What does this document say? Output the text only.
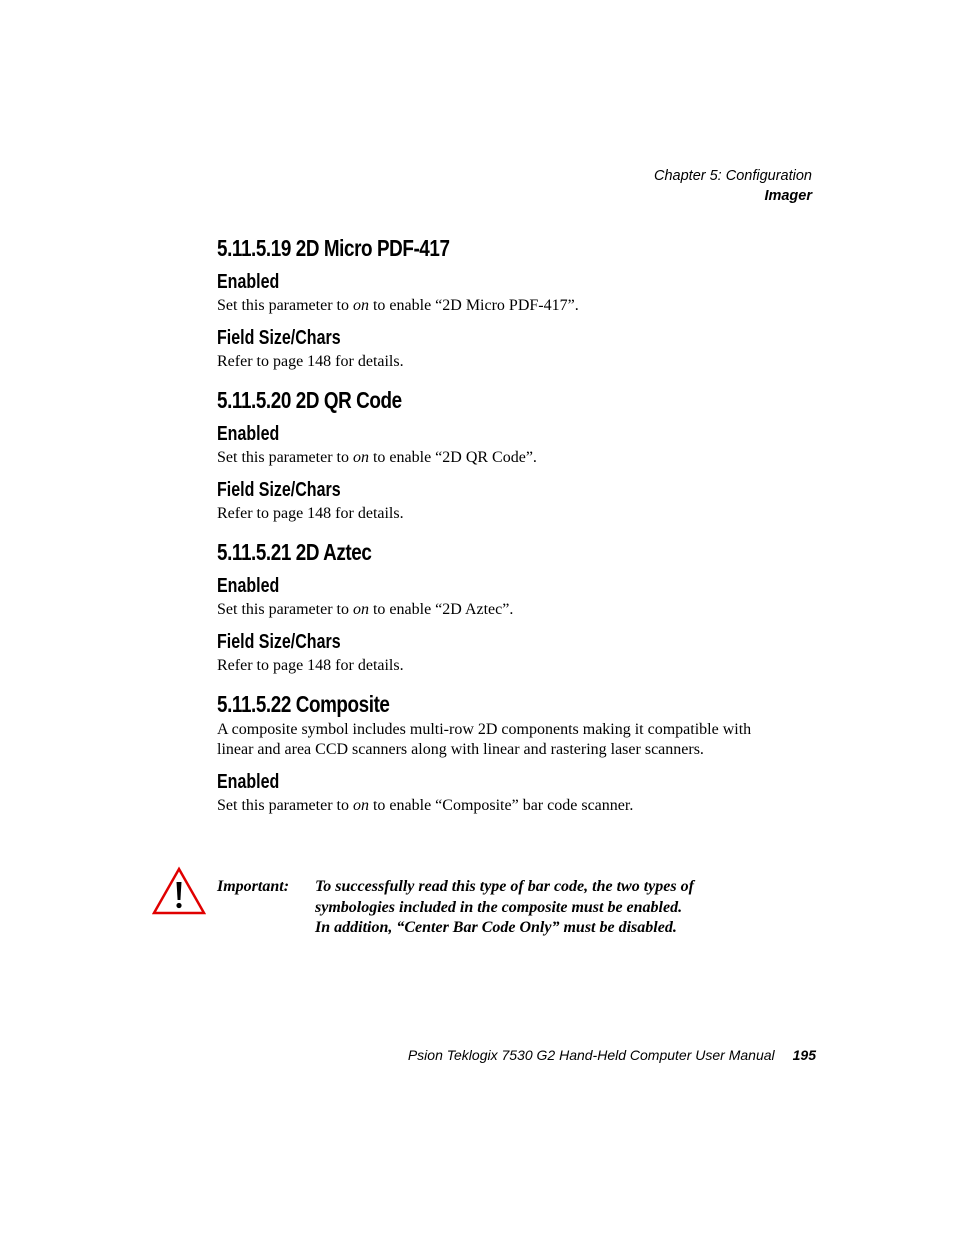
Chapter 5: Configuration
Imager
5.11.5.19 2D Micro PDF-417
Enabled

Set this parameter to on to enable “2D Micro PDF-417”.

Field Size/Chars

Refer to page 148 for details.

5.11.5.20 2D QR Code
Enabled

Set this parameter to on to enable “2D QR Code”.

Field Size/Chars

Refer to page 148 for details.

5.11.5.21 2D Aztec
Enabled

Set this parameter to on to enable “2D Aztec”.

Field Size/Chars

Refer to page 148 for details.

5.11.5.22 Composite

A composite symbol includes multi-row 2D components making it compatible with

linear and area CCD scanners along with linear and rastering laser scanners.

Enabled

Set this parameter to on to enable “Composite” bar code scanner.

Important: To successfully read this type of bar code, the two types of
symbologies included in the composite must be enabled.
In addition, “Center Bar Code Only” must be disabled.
Psion Teklogix 7530 G2 Hand-Held Computer User Manual 195
